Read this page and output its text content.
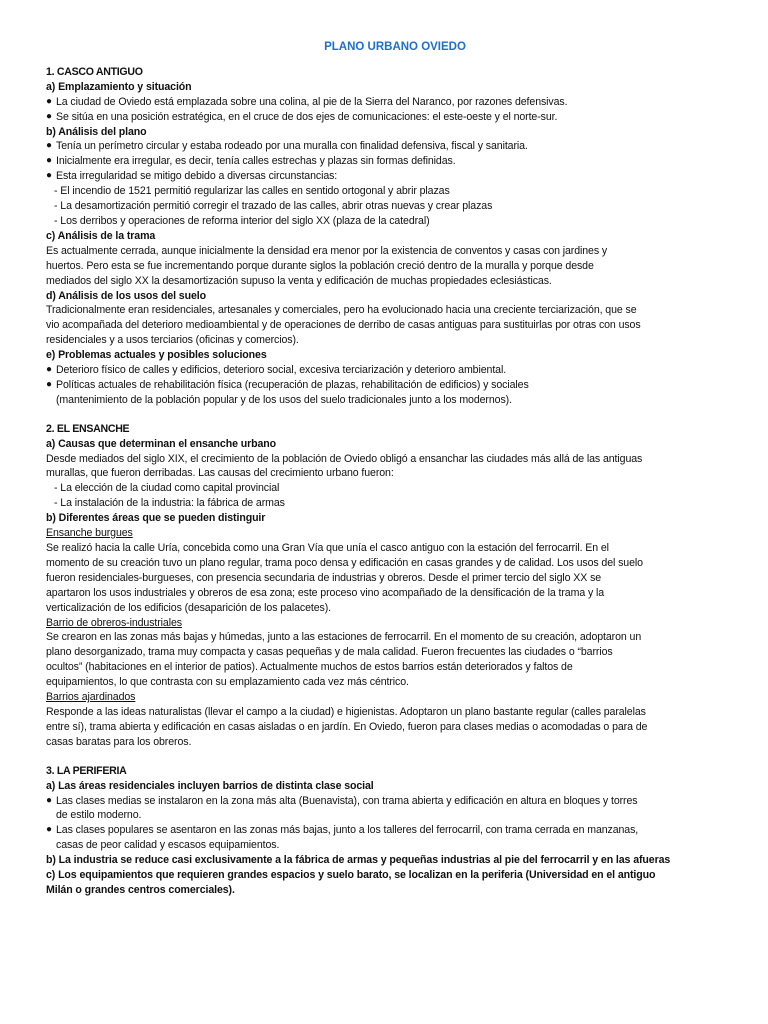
PLANO URBANO OVIEDO
1. CASCO ANTIGUO
a) Emplazamiento y situación
● La ciudad de Oviedo está emplazada sobre una colina, al pie de la Sierra del Naranco, por razones defensivas.
● Se sitúa en una posición estratégica, en el cruce de dos ejes de comunicaciones: el este-oeste y el norte-sur.
b) Análisis del plano
● Tenía un perímetro circular y estaba rodeado por una muralla con finalidad defensiva, fiscal y sanitaria.
● Inicialmente era irregular, es decir, tenía calles estrechas y plazas sin formas definidas.
● Esta irregularidad se mitigo debido a diversas circunstancias:
- El incendio de 1521 permitió regularizar las calles en sentido ortogonal y abrir plazas
- La desamortización permitió corregir el trazado de las calles, abrir otras nuevas y crear plazas
- Los derribos y operaciones de reforma interior del siglo XX (plaza de la catedral)
c) Análisis de la trama
Es actualmente cerrada, aunque inicialmente la densidad era menor por la existencia de conventos y casas con jardines y
huertos. Pero esta se fue incrementando porque durante siglos la población creció dentro de la muralla y porque desde
mediados del siglo XX la desamortización supuso la venta y edificación de muchas propiedades eclesiásticas.
d) Análisis de los usos del suelo
Tradicionalmente eran residenciales, artesanales y comerciales, pero ha evolucionado hacia una creciente terciarización, que se
vio acompañada del deterioro medioambiental y de operaciones de derribo de casas antiguas para sustituirlas por otras con usos
residenciales y a usos terciarios (oficinas y comercios).
e) Problemas actuales y posibles soluciones
● Deterioro físico de calles y edificios, deterioro social, excesiva terciarización y deterioro ambiental.
● Políticas actuales de rehabilitación física (recuperación de plazas, rehabilitación de edificios) y sociales
(mantenimiento de la población popular y de los usos del suelo tradicionales junto a los modernos).
2. EL ENSANCHE
a) Causas que determinan el ensanche urbano
Desde mediados del siglo XIX, el crecimiento de la población de Oviedo obligó a ensanchar las ciudades más allá de las antiguas
murallas, que fueron derribadas. Las causas del crecimiento urbano fueron:
- La elección de la ciudad como capital provincial
- La instalación de la industria: la fábrica de armas
b) Diferentes áreas que se pueden distinguir
Ensanche burgues
Se realizó hacia la calle Uría, concebida como una Gran Vía que unía el casco antiguo con la estación del ferrocarril. En el
momento de su creación tuvo un plano regular, trama poco densa y edificación en casas grandes y de calidad. Los usos del suelo
fueron residenciales-burgueses, con presencia secundaria de industrias y obreros. Desde el primer tercio del siglo XX se
apartaron los usos industriales y obreros de esa zona; este proceso vino acompañado de la densificación de la trama y la
verticalización de los edificios (desaparición de los palacetes).
Barrio de obreros-industriales
Se crearon en las zonas más bajas y húmedas, junto a las estaciones de ferrocarril. En el momento de su creación, adoptaron un
plano desorganizado, trama muy compacta y casas pequeñas y de mala calidad. Fueron frecuentes las ciudades o “barrios
ocultos” (habitaciones en el interior de patios). Actualmente muchos de estos barrios están deteriorados y faltos de
equipamientos, lo que contrasta con su emplazamiento cada vez más céntrico.
Barrios ajardinados
Responde a las ideas naturalistas (llevar el campo a la ciudad) e higienistas. Adoptaron un plano bastante regular (calles paralelas
entre sí), trama abierta y edificación en casas aisladas o en jardín. En Oviedo, fueron para clases medias o acomodadas o para de
casas baratas para los obreros.
3. LA PERIFERIA
a) Las áreas residenciales incluyen barrios de distinta clase social
● Las clases medias se instalaron en la zona más alta (Buenavista), con trama abierta y edificación en altura en bloques y torres
de estilo moderno.
● Las clases populares se asentaron en las zonas más bajas, junto a los talleres del ferrocarril, con trama cerrada en manzanas,
casas de peor calidad y escasos equipamientos.
b) La industria se reduce casi exclusivamente a la fábrica de armas y pequeñas industrias al pie del ferrocarril y en las afueras
c) Los equipamientos que requieren grandes espacios y suelo barato, se localizan en la periferia (Universidad en el antiguo
Milán o grandes centros comerciales).
